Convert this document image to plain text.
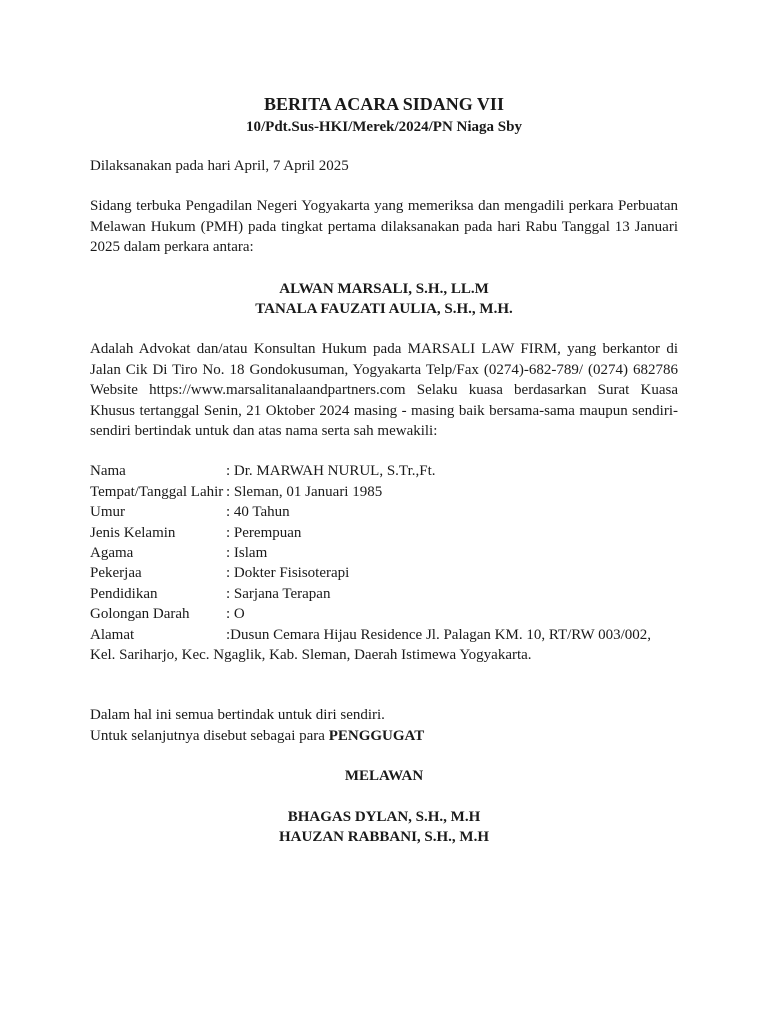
BERITA ACARA SIDANG VII

10/Pdt.Sus-HKI/Merek/2024/PN Niaga Sby

Dilaksanakan pada hari April, 7 April 2025

Sidang terbuka Pengadilan Negeri Yogyakarta yang memeriksa dan mengadili perkara Perbuatan Melawan Hukum (PMH) pada tingkat pertama dilaksanakan pada hari Rabu Tanggal 13 Januari 2025 dalam perkara antara:

ALWAN MARSALI, S.H., LL.M

TANALA FAUZATI AULIA, S.H., M.H.

Adalah Advokat dan/atau Konsultan Hukum pada MARSALI LAW FIRM, yang berkantor di Jalan Cik Di Tiro No. 18 Gondokusuman, Yogyakarta Telp/Fax (0274)-682-789/ (0274) 682786 Website https://www.marsalitanalaandpartners.com Selaku kuasa berdasarkan Surat Kuasa Khusus tertanggal Senin, 21 Oktober 2024 masing - masing baik bersama-sama maupun sendiri-sendiri bertindak untuk dan atas nama serta sah mewakili:

Nama	: Dr. MARWAH NURUL, S.Tr.,Ft.
Tempat/Tanggal Lahir : Sleman, 01 Januari 1985
Umur	: 40 Tahun
Jenis Kelamin	: Perempuan
Agama	: Islam
Pekerjaa	: Dokter Fisisoterapi
Pendidikan	: Sarjana Terapan
Golongan Darah	: O
Alamat	:Dusun Cemara Hijau Residence Jl. Palagan KM. 10, RT/RW 003/002,

Kel. Sariharjo, Kec. Ngaglik, Kab. Sleman, Daerah Istimewa Yogyakarta.

Dalam hal ini semua bertindak untuk diri sendiri.

Untuk selanjutnya disebut sebagai para PENGGUGAT

MELAWAN

BHAGAS DYLAN, S.H., M.H

HAUZAN RABBANI, S.H., M.H
